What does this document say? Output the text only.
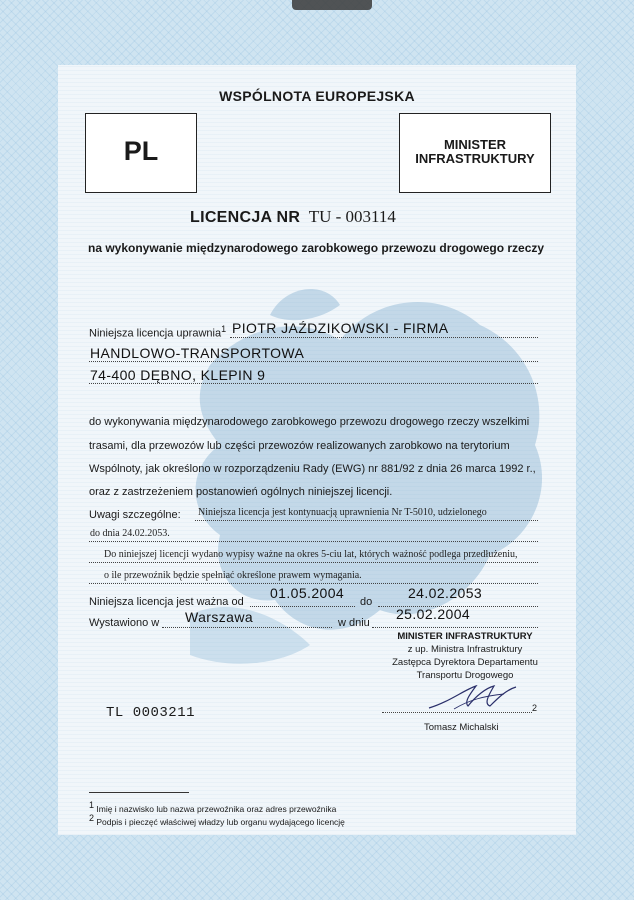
WSPÓLNOTA EUROPEJSKA
PL	MINISTER
INFRASTRUKTURY
LICENCJA NR TU - 003114
na wykonywanie międzynarodowego zarobkowego przewozu drogowego rzeczy
Niniejsza licencja uprawnia$^1$ PIOTR JAŹDZIKOWSKI - FIRMA
HANDLOWO-TRANSPORTOWA
74-400 DĘBNO, KLEPIN 9
do wykonywania międzynarodowego zarobkowego przewozu drogowego rzeczy wszelkimi
trasami, dla przewozów lub części przewozów realizowanych zarobkowo na terytorium
Wspólnoty, jak określono w rozporządzeniu Rady (EWG) nr 881/92 z dnia 26 marca 1992 r.,
oraz z zastrzeżeniem postanowień ogólnych niniejszej licencji.
Uwagi szczególne: Niniejsza licencja jest kontynuacją uprawnienia Nr T-5010, udzielonego
do dnia 24.02.2053.
Do niniejszej licencji wydano wypisy ważne na okres 5-ciu lat, których ważność podlega przedłużeniu,
o ile przewoźnik będzie spełniać określone prawem wymagania.
Niniejsza licencja jest ważna od
01.05.2004
do
24.02.2053
Wystawiono w Warszawa	w dniu
25.02.2004
MINISTER INFRASTRUKTURY
z up. Ministra Infrastruktury
Zastępca Dyrektora Departamentu
Transportu Drogowego
2
Tomasz Michalski
TL 0003211
$^1$ Imię i nazwisko lub nazwa przewoźnika oraz adres przewoźnika
$^2$ Podpis i pieczęć właściwej władzy lub organu wydającego licencję
